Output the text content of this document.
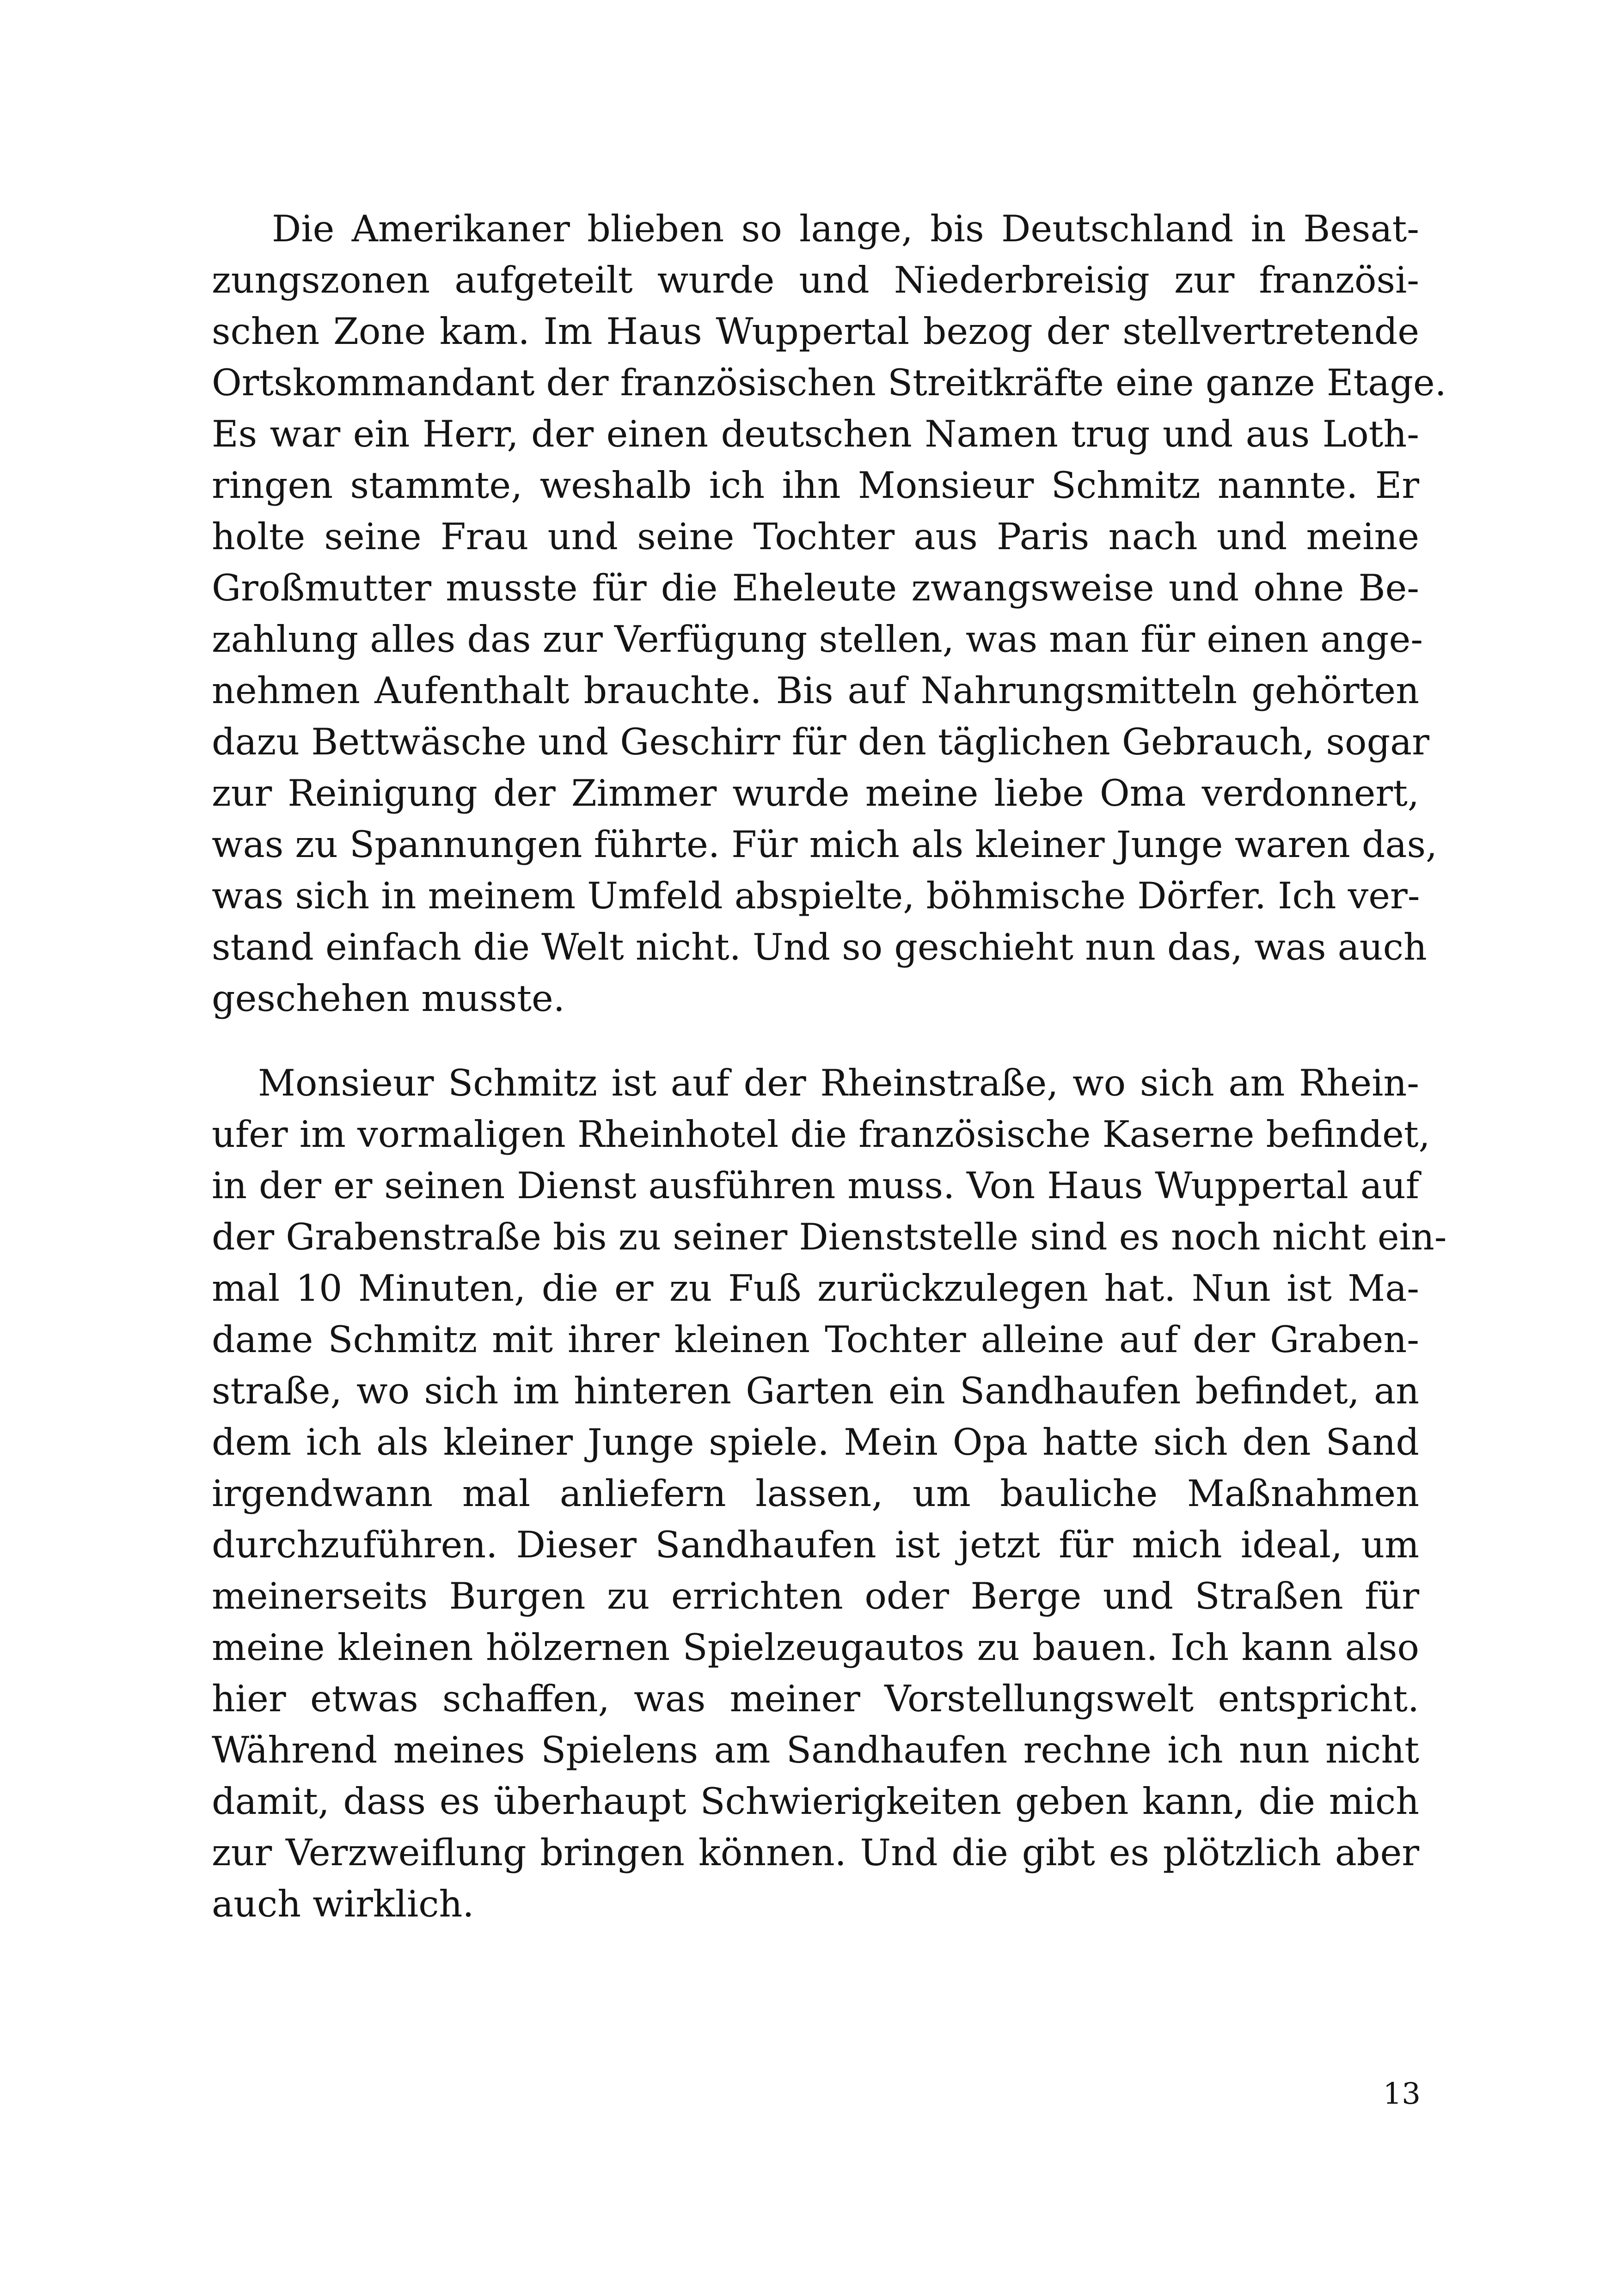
Die Amerikaner blieben so lange, bis Deutschland in Besat-
zungszonen aufgeteilt wurde und Niederbreisig zur französi-
schen Zone kam. Im Haus Wuppertal bezog der stellvertretende
Ortskommandant der französischen Streitkräfte eine ganze Etage.
Es war ein Herr, der einen deutschen Namen trug und aus Loth-
ringen stammte, weshalb ich ihn Monsieur Schmitz nannte. Er
holte seine Frau und seine Tochter aus Paris nach und meine
Großmutter musste für die Eheleute zwangsweise und ohne Be-
zahlung alles das zur Verfügung stellen, was man für einen ange-
nehmen Aufenthalt brauchte. Bis auf Nahrungsmitteln gehörten
dazu Bettwäsche und Geschirr für den täglichen Gebrauch, sogar
zur Reinigung der Zimmer wurde meine liebe Oma verdonnert,
was zu Spannungen führte. Für mich als kleiner Junge waren das,
was sich in meinem Umfeld abspielte, böhmische Dörfer. Ich ver-
stand einfach die Welt nicht. Und so geschieht nun das, was auch
geschehen musste.
Monsieur Schmitz ist auf der Rheinstraße, wo sich am Rhein-
ufer im vormaligen Rheinhotel die französische Kaserne befindet,
in der er seinen Dienst ausführen muss. Von Haus Wuppertal auf
der Grabenstraße bis zu seiner Dienststelle sind es noch nicht ein-
mal 10 Minuten, die er zu Fuß zurückzulegen hat. Nun ist Ma-
dame Schmitz mit ihrer kleinen Tochter alleine auf der Graben-
straße, wo sich im hinteren Garten ein Sandhaufen befindet, an
dem ich als kleiner Junge spiele. Mein Opa hatte sich den Sand
irgendwann mal anliefern lassen, um bauliche Maßnahmen
durchzuführen. Dieser Sandhaufen ist jetzt für mich ideal, um
meinerseits Burgen zu errichten oder Berge und Straßen für
meine kleinen hölzernen Spielzeugautos zu bauen. Ich kann also
hier etwas schaffen, was meiner Vorstellungswelt entspricht.
Während meines Spielens am Sandhaufen rechne ich nun nicht
damit, dass es überhaupt Schwierigkeiten geben kann, die mich
zur Verzweiflung bringen können. Und die gibt es plötzlich aber
auch wirklich.
13
